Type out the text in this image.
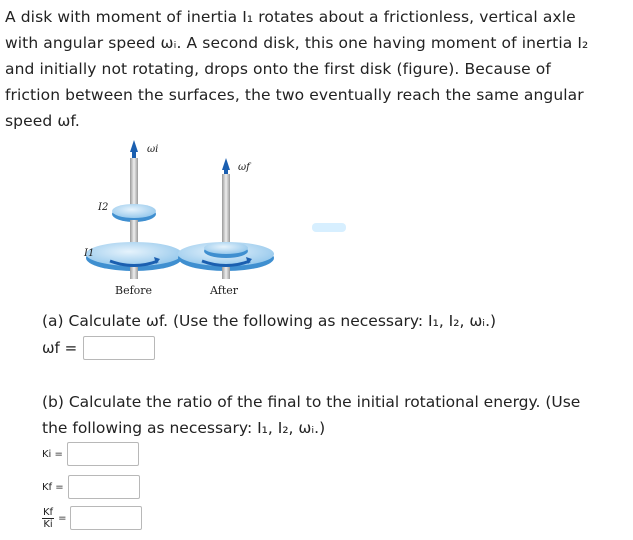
A disk with moment of inertia I₁ rotates about a frictionless, vertical axle
with angular speed ωᵢ. A second disk, this one having moment of inertia I₂
and initially not rotating, drops onto the first disk (figure). Because of
friction between the surfaces, the two eventually reach the same angular
speed ωf.
ωi
I2
I1
Before
ωf
After
(a) Calculate ωf. (Use the following as necessary: I₁, I₂, ωᵢ.)
ωf =
(b) Calculate the ratio of the final to the initial rotational energy. (Use
the following as necessary: I₁, I₂, ωᵢ.)
Ki =
Kf =
$\frac{Kf}{Ki}$ =
